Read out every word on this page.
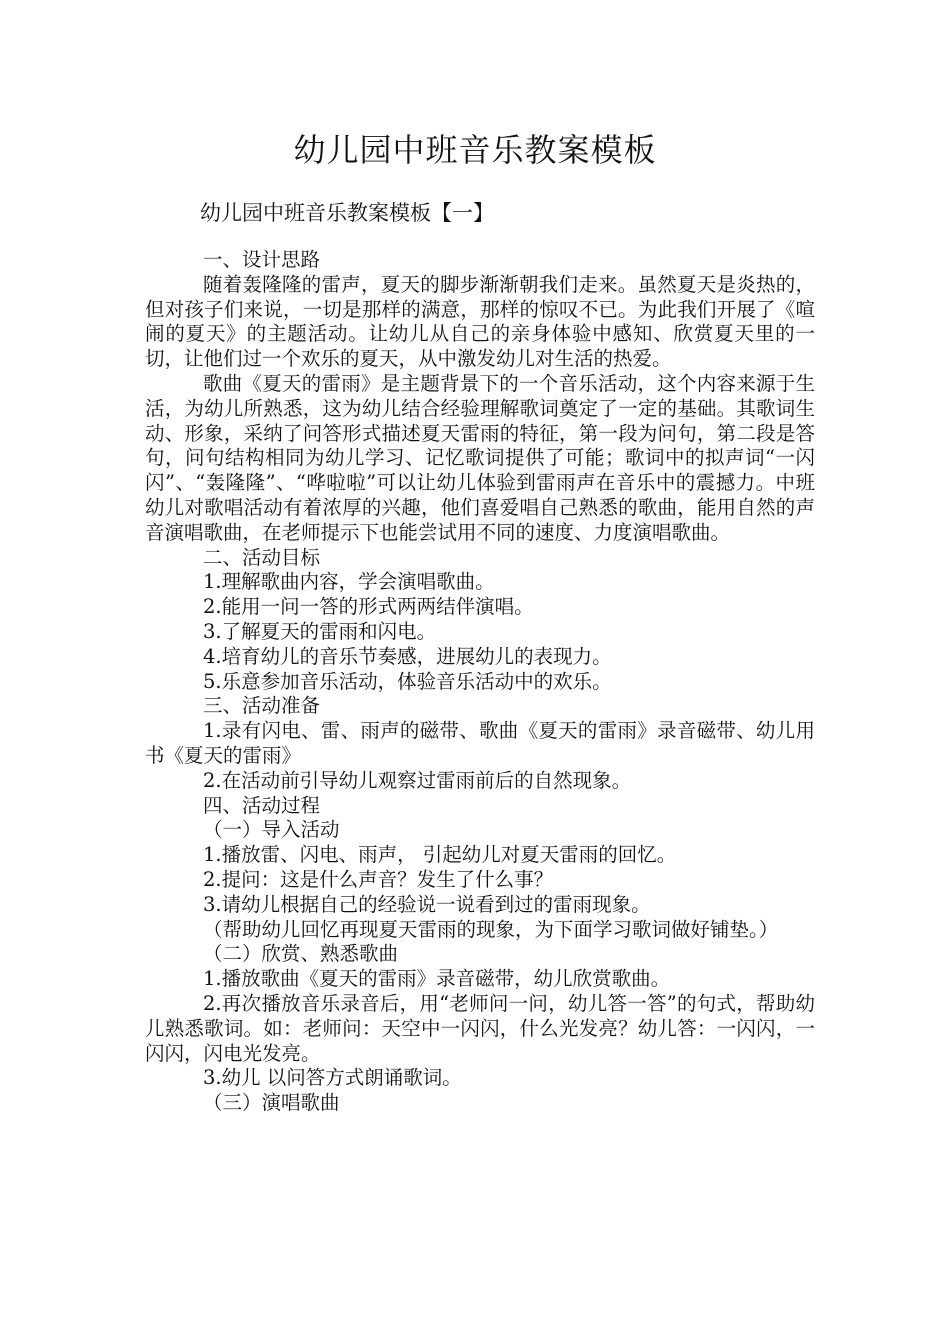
幼儿园中班音乐教案模板
幼儿园中班音乐教案模板【一】

一、设计思路

随着轰隆隆的雷声，夏天的脚步渐渐朝我们走来。虽然夏天是炎热的，但对孩子们来说，一切是那样的满意，那样的惊叹不已。为此我们开展了《喧闹的夏天》的主题活动。让幼儿从自己的亲身体验中感知、欣赏夏天里的一切，让他们过一个欢乐的夏天，从中激发幼儿对生活的热爱。

歌曲《夏天的雷雨》是主题背景下的一个音乐活动，这个内容来源于生活，为幼儿所熟悉，这为幼儿结合经验理解歌词奠定了一定的基础。其歌词生动、形象，采纳了问答形式描述夏天雷雨的特征，第一段为问句，第二段是答句，问句结构相同为幼儿学习、记忆歌词提供了可能；歌词中的拟声词“一闪闪”、“轰隆隆”、“哗啦啦”可以让幼儿体验到雷雨声在音乐中的震撼力。中班幼儿对歌唱活动有着浓厚的兴趣，他们喜爱唱自己熟悉的歌曲，能用自然的声音演唱歌曲，在老师提示下也能尝试用不同的速度、力度演唱歌曲。

二、活动目标

1.理解歌曲内容，学会演唱歌曲。

2.能用一问一答的形式两两结伴演唱。

3.了解夏天的雷雨和闪电。

4.培育幼儿的音乐节奏感，进展幼儿的表现力。

5.乐意参加音乐活动，体验音乐活动中的欢乐。

三、活动准备

1.录有闪电、雷、雨声的磁带、歌曲《夏天的雷雨》录音磁带、幼儿用书《夏天的雷雨》

2.在活动前引导幼儿观察过雷雨前后的自然现象。

四、活动过程

（一）导入活动

1.播放雷、闪电、雨声， 引起幼儿对夏天雷雨的回忆。

2.提问：这是什么声音？发生了什么事？

3.请幼儿根据自己的经验说一说看到过的雷雨现象。

（帮助幼儿回忆再现夏天雷雨的现象，为下面学习歌词做好铺垫。）

（二）欣赏、熟悉歌曲

1.播放歌曲《夏天的雷雨》录音磁带，幼儿欣赏歌曲。

2.再次播放音乐录音后，用“老师问一问，幼儿答一答”的句式，帮助幼儿熟悉歌词。如：老师问：天空中一闪闪，什么光发亮？幼儿答：一闪闪，一闪闪，闪电光发亮。

3.幼儿 以问答方式朗诵歌词。

（三）演唱歌曲
